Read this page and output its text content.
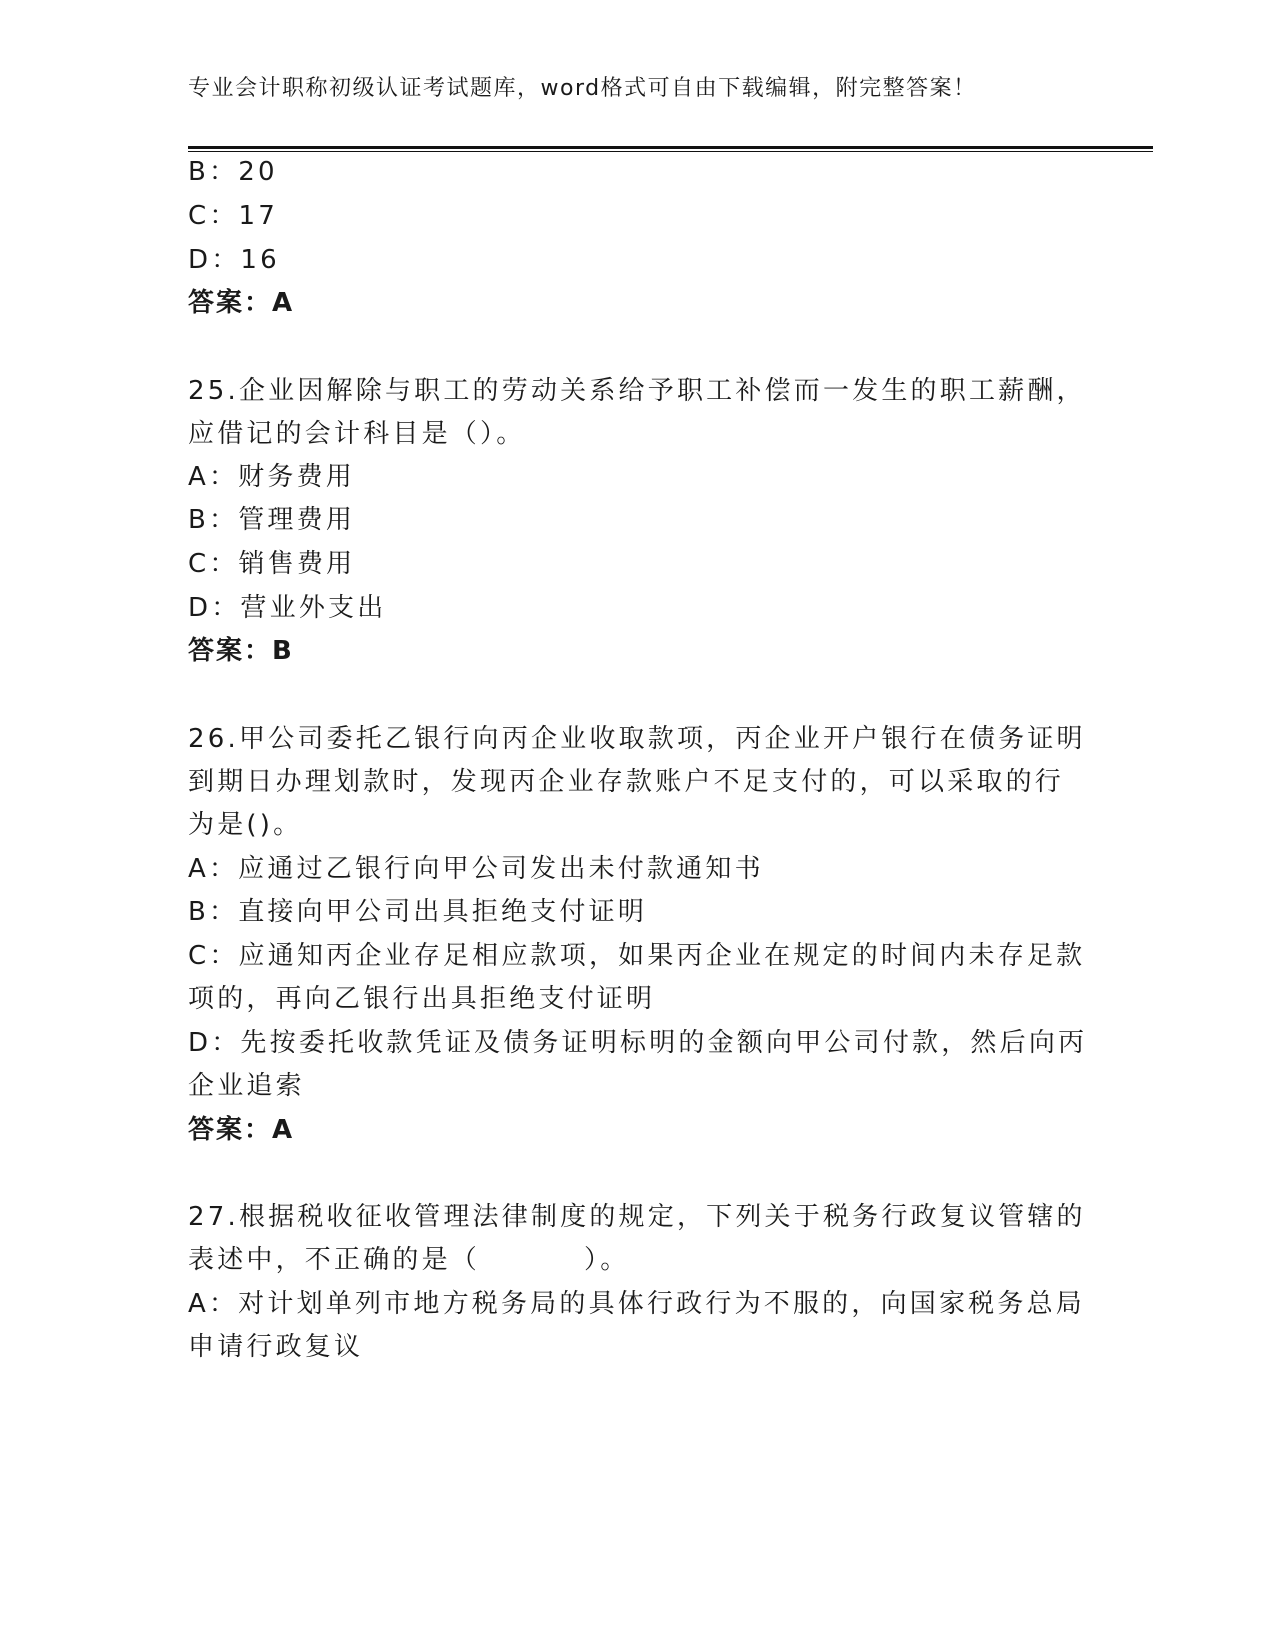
专业会计职称初级认证考试题库，word格式可自由下载编辑，附完整答案！
B：20
C：17
D：16
答案：A
25.企业因解除与职工的劳动关系给予职工补偿而一发生的职工薪酬，
应借记的会计科目是（）。
A：财务费用
B：管理费用
C：销售费用
D：营业外支出
答案：B
26.甲公司委托乙银行向丙企业收取款项，丙企业开户银行在债务证明
到期日办理划款时，发现丙企业存款账户不足支付的，可以采取的行
为是()。
A：应通过乙银行向甲公司发出未付款通知书
B：直接向甲公司出具拒绝支付证明
C：应通知丙企业存足相应款项，如果丙企业在规定的时间内未存足款
项的，再向乙银行出具拒绝支付证明
D：先按委托收款凭证及债务证明标明的金额向甲公司付款，然后向丙
企业追索
答案：A
27.根据税收征收管理法律制度的规定，下列关于税务行政复议管辖的
表述中，不正确的是（	）。
A：对计划单列市地方税务局的具体行政行为不服的，向国家税务总局
申请行政复议
